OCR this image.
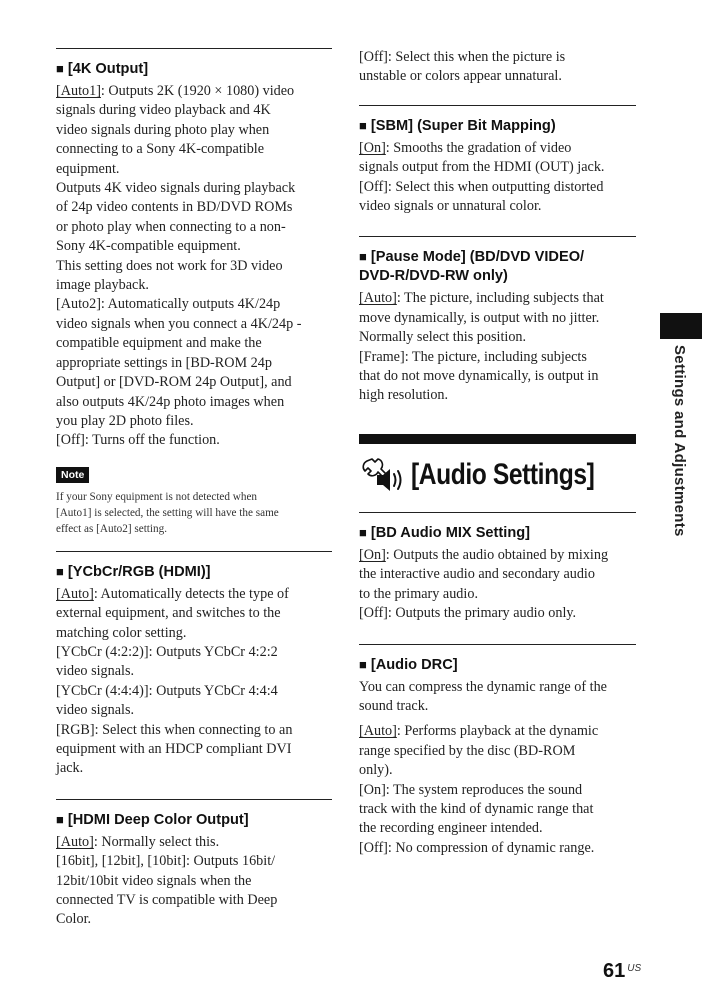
■ [4K Output]

[Auto1]: Outputs 2K (1920 × 1080) video

signals during video playback and 4K

video signals during photo play when

connecting to a Sony 4K-compatible

equipment.

Outputs 4K video signals during playback

of 24p video contents in BD/DVD ROMs

or photo play when connecting to a non-

Sony 4K-compatible equipment.

This setting does not work for 3D video

image playback.

[Auto2]: Automatically outputs 4K/24p

video signals when you connect a 4K/24p -

compatible equipment and make the

appropriate settings in [BD-ROM 24p

Output] or [DVD-ROM 24p Output], and

also outputs 4K/24p photo images when

you play 2D photo files.

[Off]: Turns off the function.

Note

If your Sony equipment is not detected when

[Auto1] is selected, the setting will have the same

effect as [Auto2] setting.

■ [YCbCr/RGB (HDMI)]

[Auto]: Automatically detects the type of

external equipment, and switches to the

matching color setting.

[YCbCr (4:2:2)]: Outputs YCbCr 4:2:2

video signals.

[YCbCr (4:4:4)]: Outputs YCbCr 4:4:4

video signals.

[RGB]: Select this when connecting to an

equipment with an HDCP compliant DVI

jack.

■ [HDMI Deep Color Output]

[Auto]: Normally select this.

[16bit], [12bit], [10bit]: Outputs 16bit/

12bit/10bit video signals when the

connected TV is compatible with Deep

Color.

[Off]: Select this when the picture is

unstable or colors appear unnatural.

■ [SBM] (Super Bit Mapping)

[On]: Smooths the gradation of video

signals output from the HDMI (OUT) jack.

[Off]: Select this when outputting distorted

video signals or unnatural color.

■ [Pause Mode] (BD/DVD VIDEO/
DVD-R/DVD-RW only)

[Auto]: The picture, including subjects that

move dynamically, is output with no jitter.

Normally select this position.

[Frame]: The picture, including subjects

that do not move dynamically, is output in

high resolution.

[Audio Settings]
■ [BD Audio MIX Setting]

[On]: Outputs the audio obtained by mixing

the interactive audio and secondary audio

to the primary audio.

[Off]: Outputs the primary audio only.

■ [Audio DRC]

You can compress the dynamic range of the

sound track.

[Auto]: Performs playback at the dynamic

range specified by the disc (BD-ROM

only).

[On]: The system reproduces the sound

track with the kind of dynamic range that

the recording engineer intended.

[Off]: No compression of dynamic range.

Settings and Adjustments
61 $^{US}$
